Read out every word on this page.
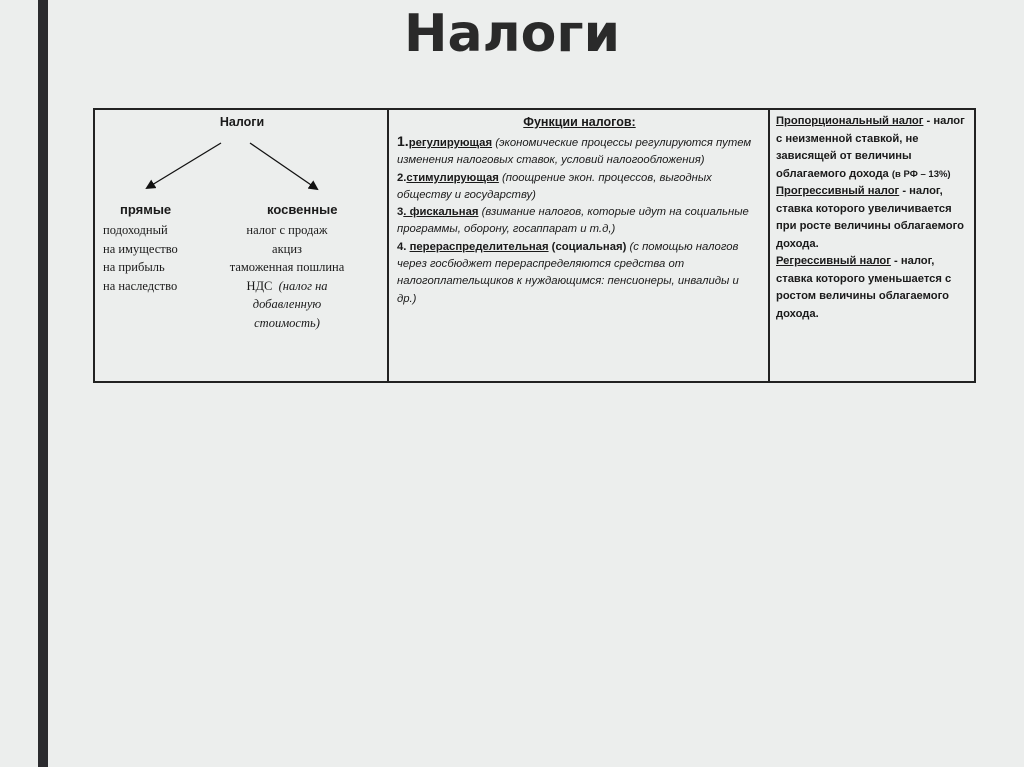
Налоги
Налоги
прямые
подоходный
на имущество
на прибыль
на наследство
косвенные
налог с продаж
акциз
таможенная пошлина
НДС (налог на
добавленную
стоимость)
Функции налогов:

1.регулирующая (экономические процессы регулируются путем изменения налоговых ставок, условий налогообложения)

2.стимулирующая (поощрение экон. процессов, выгодных обществу и государству)

3. фискальная (взимание налогов, которые идут на социальные программы, оборону, госаппарат и т.д,)

4. перераспределительная (социальная) (с помощью налогов через госбюджет перераспределяются средства от налогоплательщиков к нуждающимся: пенсионеры, инвалиды и др.)

Пропорциональный налог - налог с неизменной ставкой, не зависящей от величины облагаемого дохода (в РФ – 13%)

Прогрессивный налог - налог, ставка которого увеличивается при росте величины облагаемого дохода.

Регрессивный налог - налог, ставка которого уменьшается с ростом величины облагаемого дохода.
